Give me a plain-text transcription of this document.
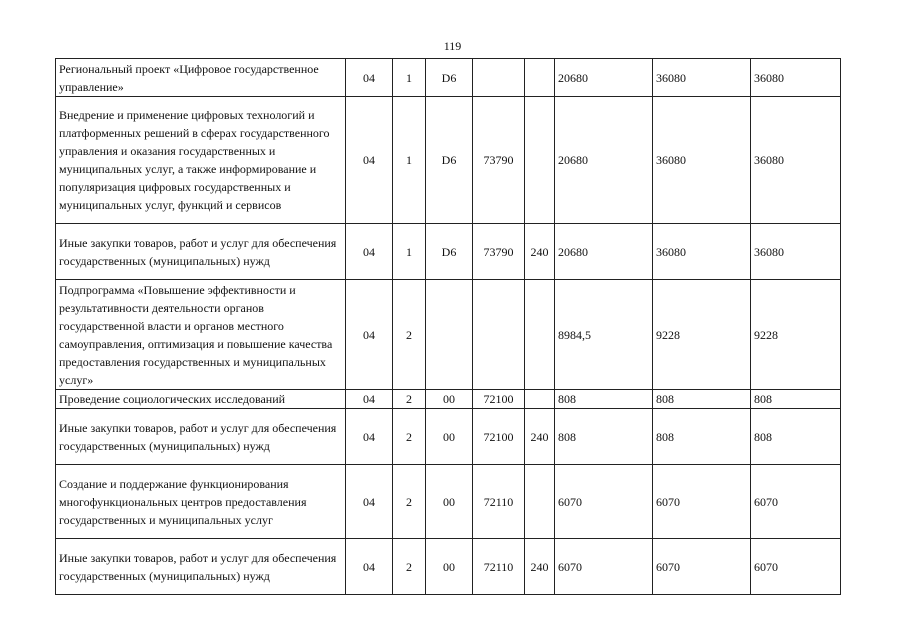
119
Региональный проект «Цифровое государственное управление»	04	1	D6			20680	36080	36080
Внедрение и применение цифровых технологий и платформенных решений в сферах государственного управления и оказания государственных и муниципальных услуг, а также информирование и популяризация цифровых государственных и муниципальных услуг, функций и сервисов	04	1	D6	73790		20680	36080	36080
Иные закупки товаров, работ и услуг для обеспечения государственных (муниципальных) нужд	04	1	D6	73790	240	20680	36080	36080
Подпрограмма «Повышение эффективности и результативности деятельности органов государственной власти и органов местного самоуправления, оптимизация и повышение качества предоставления государственных и муниципальных услуг»	04	2				8984,5	9228	9228
Проведение социологических исследований	04	2	00	72100		808	808	808
Иные закупки товаров, работ и услуг для обеспечения государственных (муниципальных) нужд	04	2	00	72100	240	808	808	808
Создание и поддержание функционирования многофункциональных центров предоставления государственных и муниципальных услуг	04	2	00	72110		6070	6070	6070
Иные закупки товаров, работ и услуг для обеспечения государственных (муниципальных) нужд	04	2	00	72110	240	6070	6070	6070
